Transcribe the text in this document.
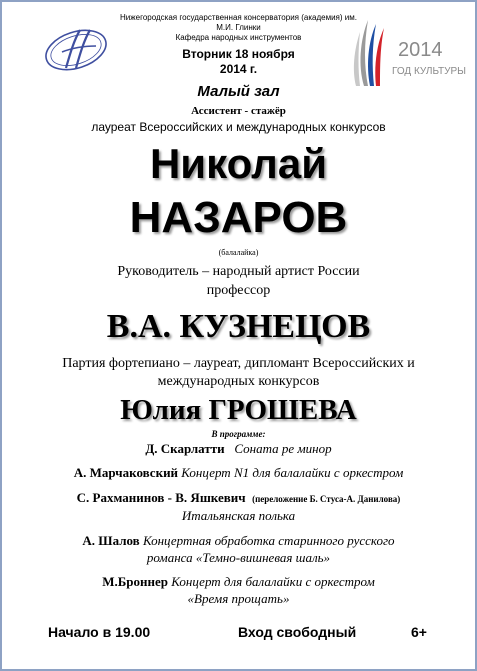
2014
ГОД КУЛЬТУРЫ
Нижегородская государственная консерватория (академия) им.
М.И. Глинки
Кафедра народных инструментов
Вторник 18 ноября
2014 г.
Малый зал
Ассистент - стажёр
лауреат Всероссийских и международных конкурсов
Николай
НАЗАРОВ
(балалайка)
Руководитель – народный артист России
профессор
В.А. КУЗНЕЦОВ
Партия фортепиано – лауреат, дипломант Всероссийских и
международных конкурсов
Юлия ГРОШЕВА
В программе:
Д. Скарлатти Соната ре минор
А. Марчаковский Концерт N1 для балалайки с оркестром
С. Рахманинов - В. Яшкевич (переложение Б. Стуса-А. Данилова)
Итальянская полька
А. Шалов Концертная обработка старинного русского
романса «Темно-вишневая шаль»
М.Броннер Концерт для балалайки с оркестром
«Время прощать»
Начало в 19.00	Вход свободный	6+
